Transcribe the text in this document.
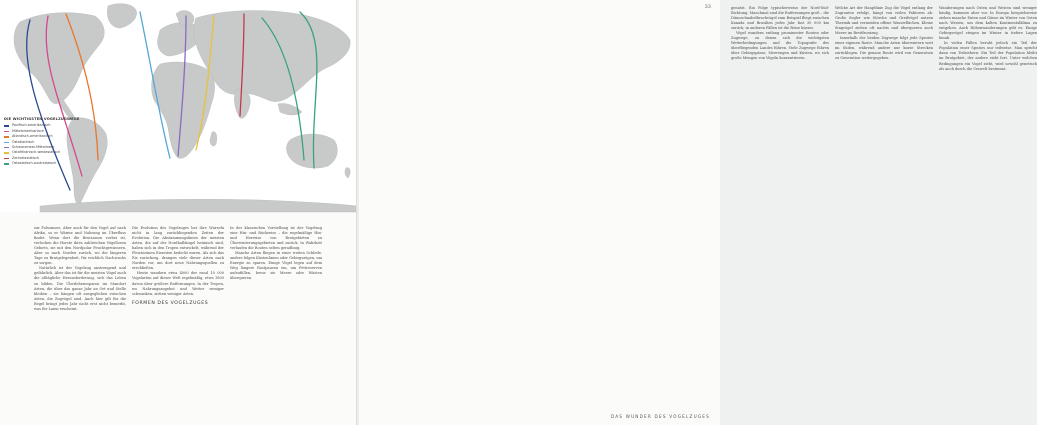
DIE WICHTIGSTEN VOGELZUGWEGE
Pazifisch-amerikanisch
Mittelamerikanisch
Atlantisch-amerikanisch
Ostatlantisch
Schwarzmeer-Mittelmeer
Ostafrikanisch-westasiatisch
Zentralasiatisch
Ostasiatisch-australasisch

zur Folsomsee, Aber auch für den Vogel auf nach Afrika, so er Wärme und Nahrung im Überfluss findet. Wenn dort die Brutsaison vorbei ist, verlocken die Horste ihres zahlreichen Vögellosen Gebiets, sie mit den Nordpolar Feuchtgewässern. Aber so nach Norden zurück, wo die längeren Tage zu Brutgelegenheit, für reichlich Nachwuchs zu sorgen.

Natürlich ist der Vogelzug anstrengend und gefährlich. Aber das ist für die meisten Vögel auch die alltägliche Herausforderung, sich das Leben zu bilden. Die Überlebenssparen im Standort Arten, die über das ganze Jahr an Ort und Stelle bleiben – sie hängen oft ausgeglichen zwischen Arten, die Zugvögel sind. Auch hier gilt für die Regel bringt jedes Jahr nicht erst nicht bemerkt, was für Laien erscheint.

Die Evolution des Vogelzuges hat ihre Wurzeln nicht in lang zurückliegenden Zeiten der Evolution. Die Abstammungslinien der meisten Arten, die auf der Nordhalbkugel heimisch sind, haben sich in den Tropen entwickelt, während der Pleistozänen Eiszeiten bedeckt waren. Als sich das Eis zurückzog, drangen viele dieser Arten nach Norden vor, um dort neue Nahrungsquellen zu erschließen.

Heute wandern etwa 4000 der rund 10 000 Vogelarten auf dieser Welt regelmäßig, etwa 1800 davon über größere Entfernungen. In der Tropen, wo Nahrungsangebot und Wetter weniger schwanken, ziehen weniger Arten.

FORMEN DES VOGELZUGES

In der klassischen Vorstellung ist der Vogelzug eine Hin- und Rückreise – die regelmäßige Hin- und Herreise von Brutgebieten zu Überwinterungsgebieten und zurück. In Wahrheit verlaufen die Routen selten geradlinig.

Manche Arten fliegen in einer weiten Schleife, andere folgen Küstenlinien oder Gebirgszügen, um Energie zu sparen. Einige Vögel legen auf dem Weg längere Rastpausen ein, um Fettreserven aufzufüllen, bevor sie Meere oder Wüsten überqueren.

33	genutzt. Ein Folge typischerweise der Nord-Süd-Richtung. Manchmal sind die Entfernungen groß – die Dünnschnabelbrachvögel zum Beispiel fliegt zwischen Kanada und Brasilien jedes Jahr fast 30 000 km zurück, in anderen Fällen ist die Reise kürzer.

Vögel wandern entlang prominenter Routen oder Zugwege, zu denen sich die wichtigsten Wetterbedingungen und die Topografie des überfliegenden Landes führen. Viele Zugwege führen über Gebirgspässe, Meerengen und Küsten, wo sich große Mengen von Vögeln konzentrieren.

Welche Art der Hauptlinie Zug die Vögel entlang der Zugrouten erfolgt, hängt von vielen Faktoren ab. Große Segler wie Störche und Greifvögel nutzen Thermik und vermeiden offene Wasserflächen. Kleine Singvögel ziehen oft nachts und überqueren auch Meere im Breitfrontzug.

Innerhalb der beiden Zugwege folgt jede Spezies einer eigenen Route. Manche Arten überwintern weit im Süden, während andere nur kurze Strecken zurücklegen. Die genaue Route wird von Generation zu Generation weitergegeben.

Wanderungen nach Osten und Westen sind weniger häufig, kommen aber vor. In Europa beispielsweise ziehen manche Enten und Gänse im Winter von Osten nach Westen, um dem kalten Kontinentalklima zu entgehen. Auch Höhenwanderungen gibt es: Einige Gebirgsvögel steigen im Winter in tiefere Lagen hinab.

In vielen Fällen beruht jedoch ein Teil der Population einer Spezies nur teilweise. Man spricht dann von Teilziehern: Ein Teil der Population bleibt im Brutgebiet, der andere zieht fort. Unter welchen Bedingungen ein Vogel zieht, wird sowohl genetisch als auch durch die Umwelt bestimmt.

DAS WUNDER DES VOGELZUGES
